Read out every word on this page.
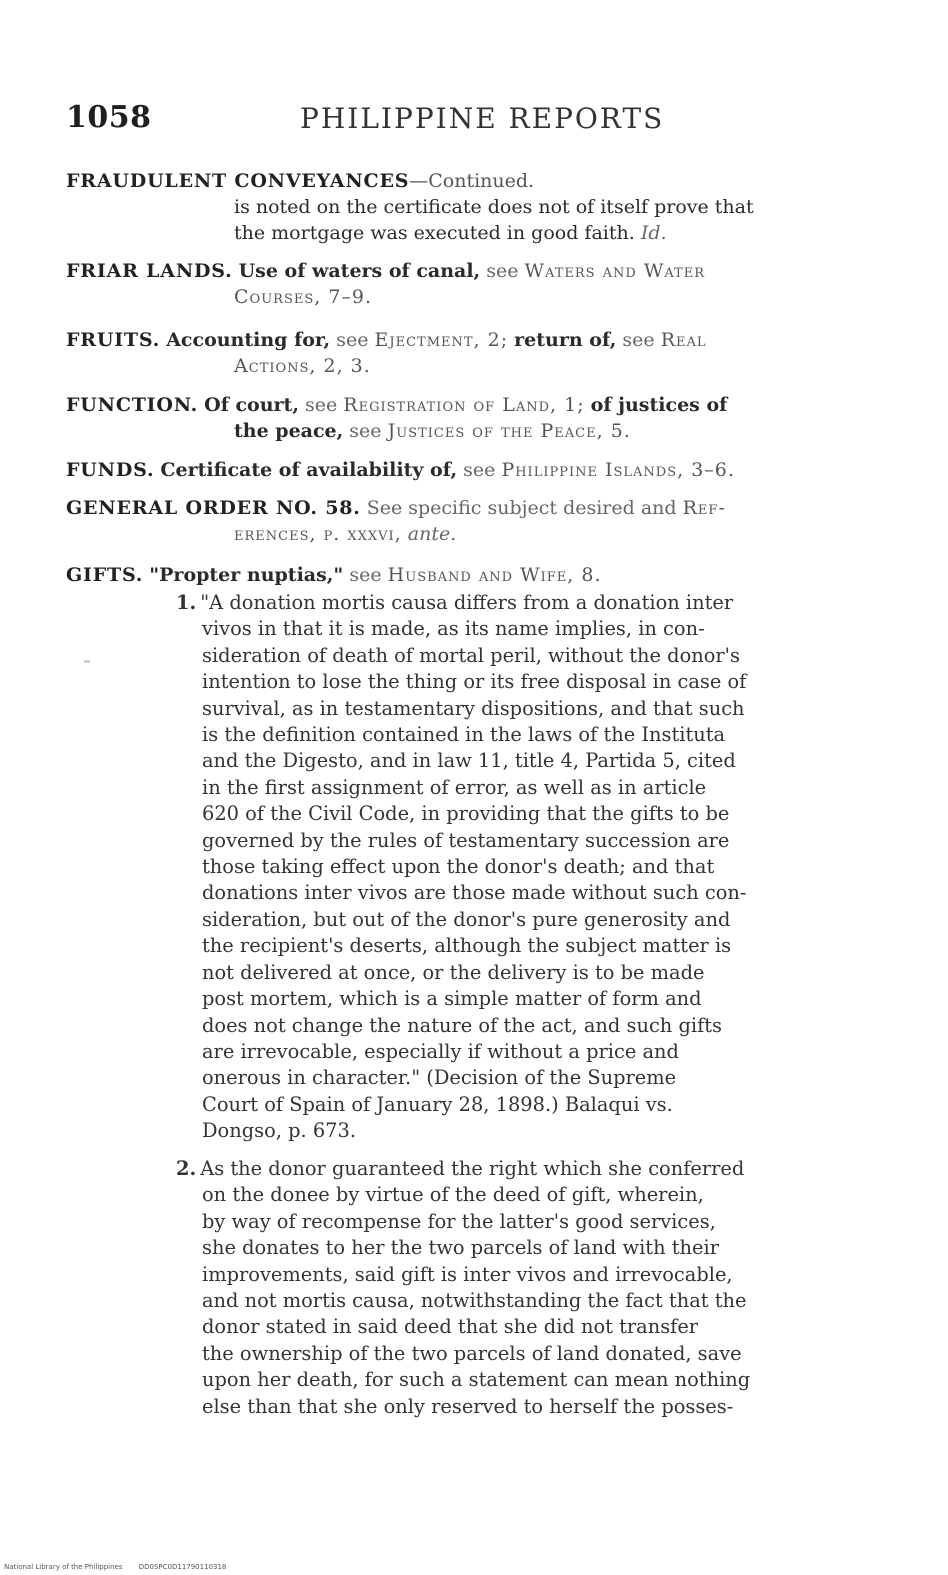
1058	PHILIPPINE REPORTS
FRAUDULENT CONVEYANCES—Continued.
is noted on the certificate does not of itself prove that
the mortgage was executed in good faith. Id.
FRIAR LANDS. Use of waters of canal, see Waters and Water
Courses, 7–9.
FRUITS. Accounting for, see Ejectment, 2; return of, see Real
Actions, 2, 3.
FUNCTION. Of court, see Registration of Land, 1; of justices of
the peace, see Justices of the Peace, 5.
FUNDS. Certificate of availability of, see Philippine Islands, 3–6.
GENERAL ORDER NO. 58. See specific subject desired and Ref-
erences, p. xxxvi, ante.
GIFTS. "Propter nuptias," see Husband and Wife, 8.

1. "A donation mortis causa differs from a donation inter

vivos in that it is made, as its name implies, in con-

sideration of death of mortal peril, without the donor's

intention to lose the thing or its free disposal in case of

survival, as in testamentary dispositions, and that such

is the definition contained in the laws of the Instituta

and the Digesto, and in law 11, title 4, Partida 5, cited

in the first assignment of error, as well as in article

620 of the Civil Code, in providing that the gifts to be

governed by the rules of testamentary succession are

those taking effect upon the donor's death; and that

donations inter vivos are those made without such con-

sideration, but out of the donor's pure generosity and

the recipient's deserts, although the subject matter is

not delivered at once, or the delivery is to be made

post mortem, which is a simple matter of form and

does not change the nature of the act, and such gifts

are irrevocable, especially if without a price and

onerous in character." (Decision of the Supreme

Court of Spain of January 28, 1898.) Balaqui vs.

Dongso, p. 673.

2. As the donor guaranteed the right which she conferred

on the donee by virtue of the deed of gift, wherein,

by way of recompense for the latter's good services,

she donates to her the two parcels of land with their

improvements, said gift is inter vivos and irrevocable,

and not mortis causa, notwithstanding the fact that the

donor stated in said deed that she did not transfer

the ownership of the two parcels of land donated, save

upon her death, for such a statement can mean nothing

else than that she only reserved to herself the posses-

National Library of the Philippines DD0SPC0D11790110318
